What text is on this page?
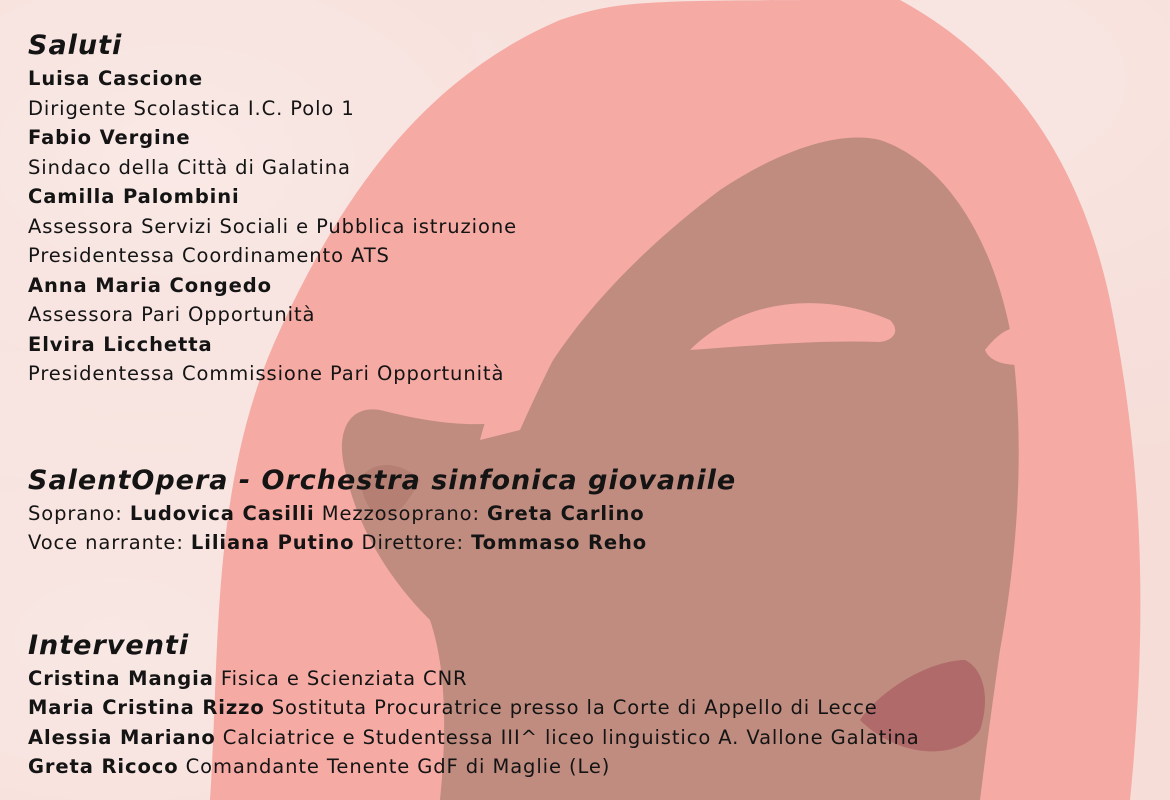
Saluti
Luisa Cascione
Dirigente Scolastica I.C. Polo 1
Fabio Vergine
Sindaco della Città di Galatina
Camilla Palombini
Assessora Servizi Sociali e Pubblica istruzione
Presidentessa Coordinamento ATS
Anna Maria Congedo
Assessora Pari Opportunità
Elvira Licchetta
Presidentessa Commissione Pari Opportunità
SalentOpera - Orchestra sinfonica giovanile
Soprano: Ludovica Casilli Mezzosoprano: Greta Carlino
Voce narrante: Liliana Putino Direttore: Tommaso Reho
Interventi
Cristina Mangia Fisica e Scienziata CNR
Maria Cristina Rizzo Sostituta Procuratrice presso la Corte di Appello di Lecce
Alessia Mariano Calciatrice e Studentessa III^ liceo linguistico A. Vallone Galatina
Greta Ricoco Comandante Tenente GdF di Maglie (Le)
